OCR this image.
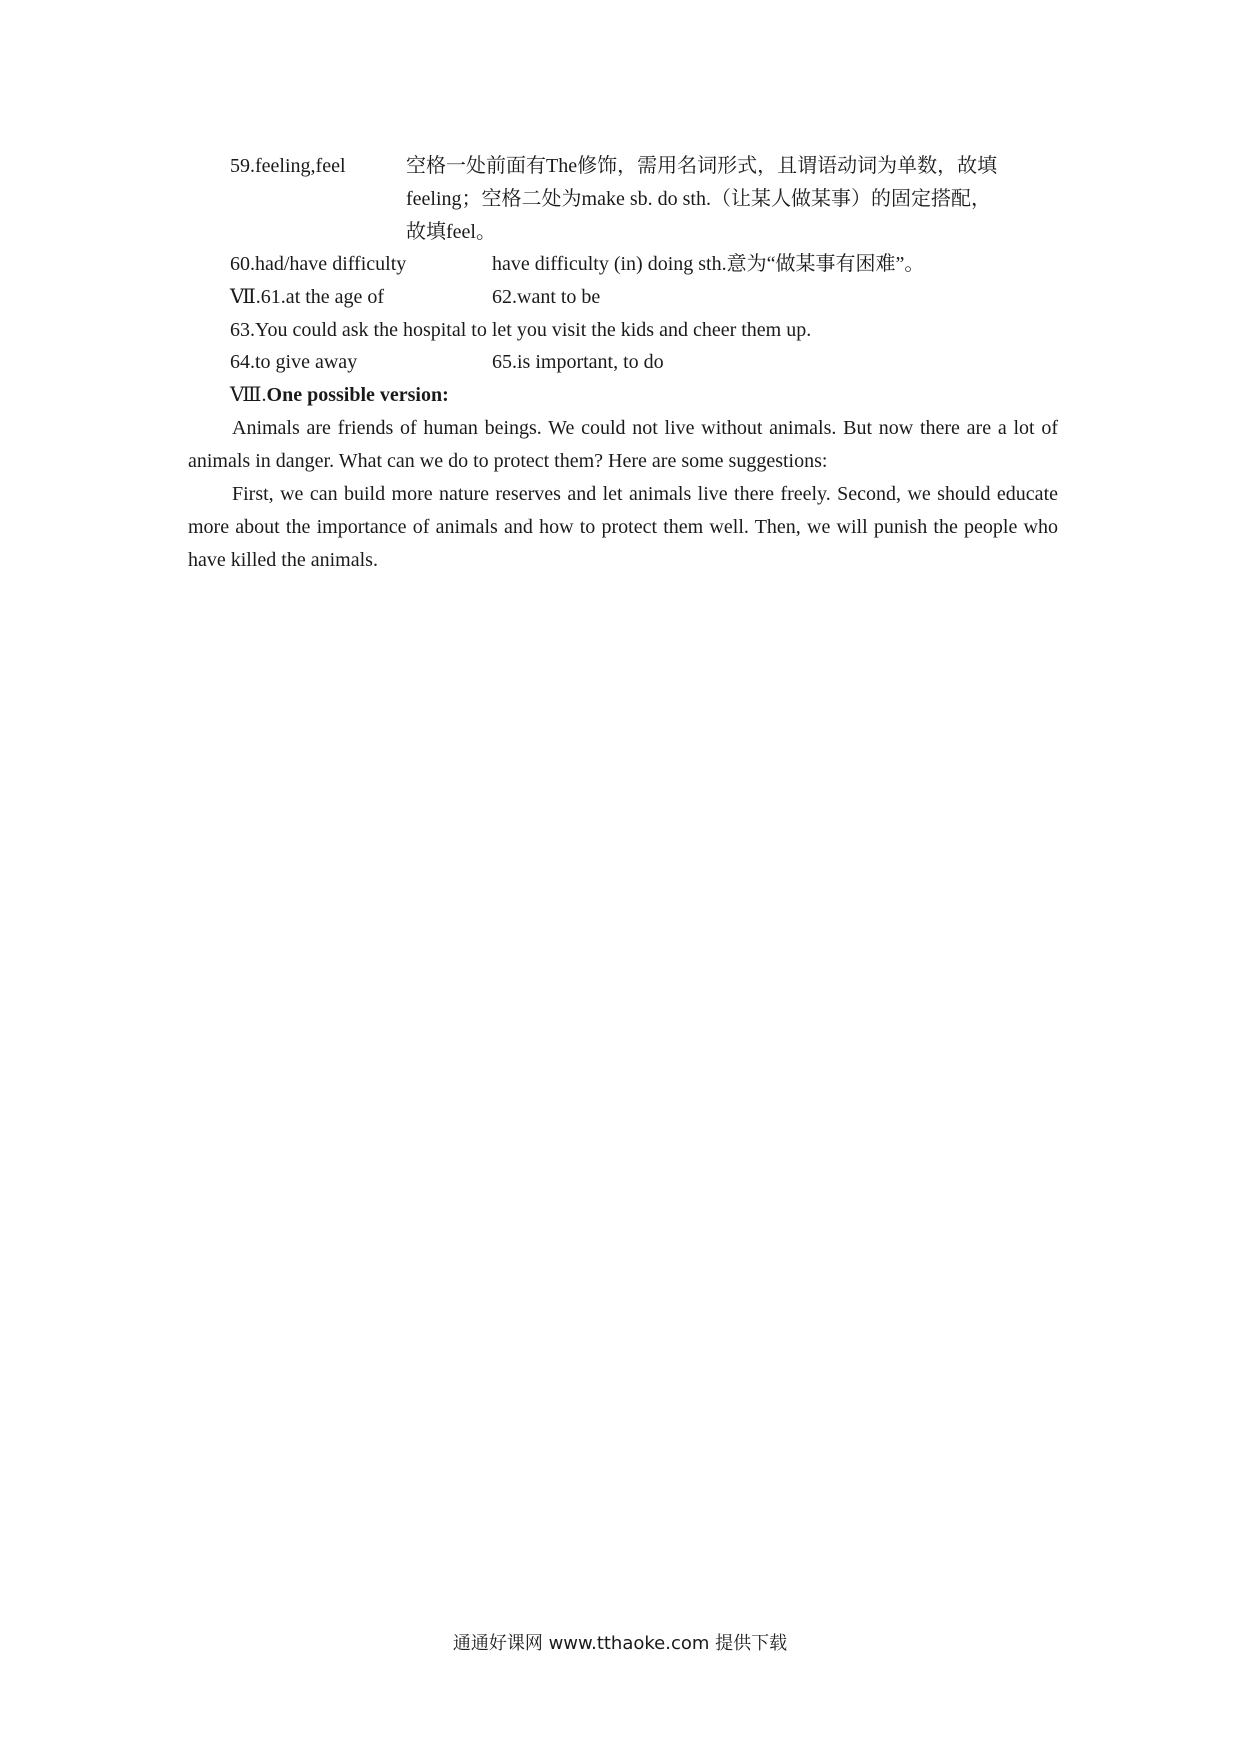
59.feeling,feel	空格一处前面有The修饰，需用名词形式，且谓语动词为单数，故填
feeling；空格二处为make sb. do sth.（让某人做某事）的固定搭配，
故填feel。
60.had/have difficulty	have difficulty (in) doing sth.意为“做某事有困难”。
Ⅶ.61.at the age of	62.want to be
63.You could ask the hospital to let you visit the kids and cheer them up.
64.to give away	65.is important, to do
Ⅷ.One possible version:
Animals are friends of human beings. We could not live without animals. But now there are a lot of animals in danger. What can we do to protect them? Here are some suggestions:
First, we can build more nature reserves and let animals live there freely. Second, we should educate more about the importance of animals and how to protect them well. Then, we will punish the people who have killed the animals.
通通好课网 www.tthaoke.com 提供下载
